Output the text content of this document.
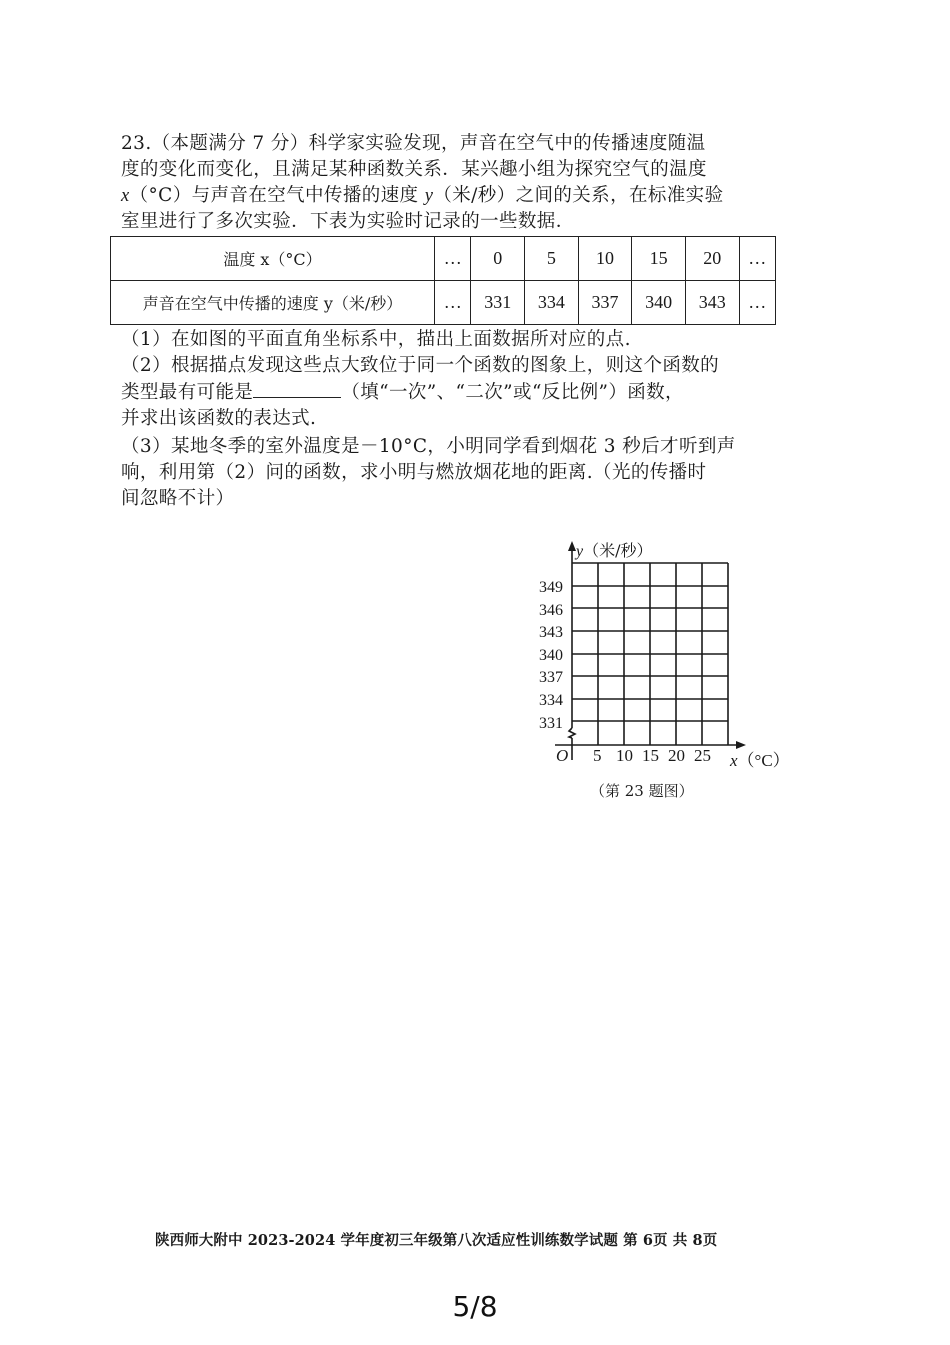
23.（本题满分 7 分）科学家实验发现，声音在空气中的传播速度随温
度的变化而变化，且满足某种函数关系．某兴趣小组为探究空气的温度
x（°C）与声音在空气中传播的速度 y（米/秒）之间的关系，在标准实验
室里进行了多次实验．下表为实验时记录的一些数据．
温度 x（°C）	…	0	5	10	15	20	…
声音在空气中传播的速度 y（米/秒）	…	331	334	337	340	343	…
（1）在如图的平面直角坐标系中，描出上面数据所对应的点.
（2）根据描点发现这些点大致位于同一个函数的图象上，则这个函数的
类型最有可能是	（填“一次”、“二次”或“反比例”）函数，
并求出该函数的表达式.
（3）某地冬季的室外温度是－10°C，小明同学看到烟花 3 秒后才听到声
响，利用第（2）问的函数，求小明与燃放烟花地的距离.（光的传播时
间忽略不计）
y（米/秒）
349
346
343
340
337
334
331
O 5 10 15 20 25 x（°C）
（第 23 题图）
陕西师大附中 2023-2024 学年度初三年级第八次适应性训练数学试题 第 6页 共 8页
5/8
